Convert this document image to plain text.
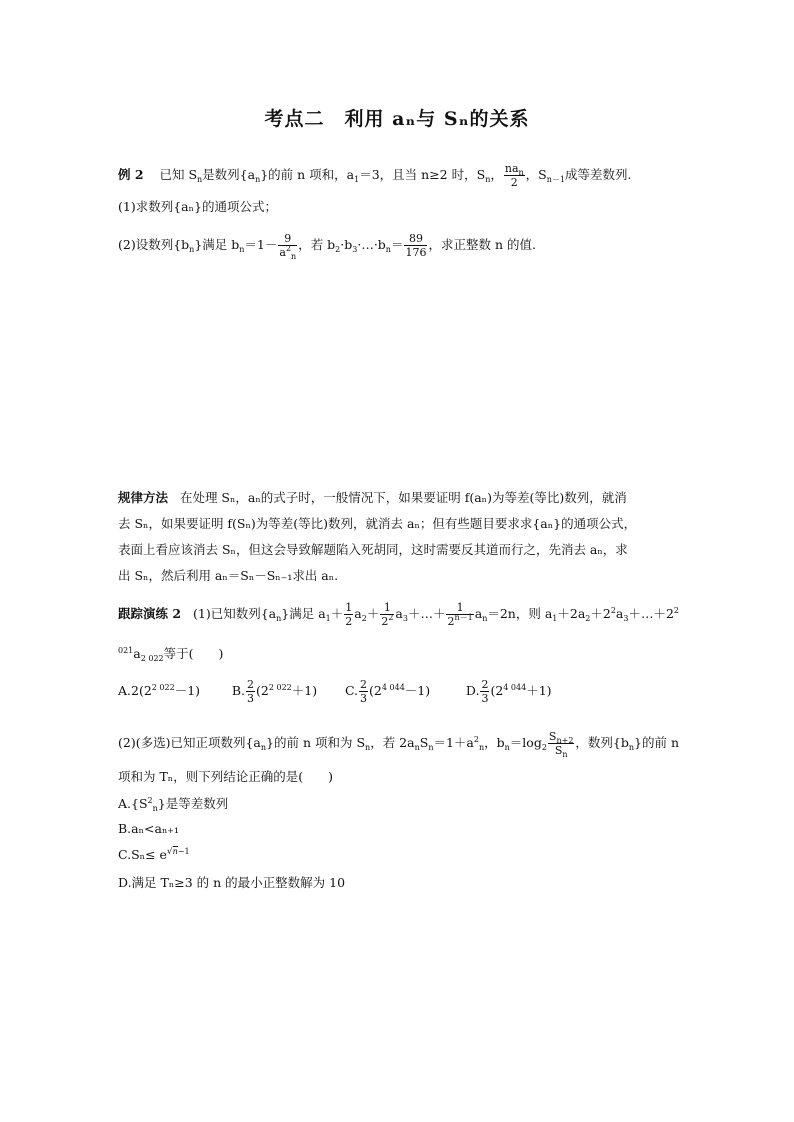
考点二　利用 aₙ与 Sₙ的关系
例 2 已知 $S_n$是数列$\{a_n\}$的前 n 项和，$a_1=3$，且当 n≥2 时，$S_n$， $\frac{na_n}{2}$ ，$S_{n-1}$成等差数列.
(1)求数列{aₙ}的通项公式；
(2)设数列$\{b_n\}$满足 $b_n=1- \frac{9}{a^2_n}$ ，若 $b_2\cdot b_3\cdot\dots\cdot b_n= \frac{89}{176}$ ，求正整数 n 的值.
规律方法 在处理 Sₙ，aₙ的式子时，一般情况下，如果要证明 f(aₙ)为等差(等比)数列，就消
去 Sₙ，如果要证明 f(Sₙ)为等差(等比)数列，就消去 aₙ；但有些题目要求求{aₙ}的通项公式，
表面上看应该消去 Sₙ，但这会导致解题陷入死胡同，这时需要反其道而行之，先消去 aₙ，求
出 Sₙ，然后利用 aₙ＝Sₙ－Sₙ₋₁求出 aₙ.
跟踪演练 2 (1)已知数列$\{a_n\}$满足 $a_1+ \frac{1}{2} a_2+ \frac{1}{2^2}$ $a_3+\dots+ \frac{1}{2^{n-1}} a_n=2n$，则 $a_1+2a_2+2^2a_3+\dots+2^2$
$^{021}a_{2 022}$等于(　　)
$A.2(2^{2 022}-1)$	B. $\frac{2}{3} (2^{2 022}+1)$ C. $\frac{2}{3} (2^{4 044}-1)$	D. $\frac{2}{3} (2^{4 044}+1)$
(2)(多选)已知正项数列$\{a_n\}$的前 n 项和为 $S_n$，若 $2a_nS_n=1+a^2_n$，$b_n=\log_2 \frac{S_{n+2}}{S_n}$ ，数列$\{b_n\}$的前 n
项和为 Tₙ，则下列结论正确的是(　　)
$A.\{S^2_n\}$是等差数列
B.aₙ<aₙ₊₁
$C.S_n\le e^{√n-1}$
D.满足 Tₙ≥3 的 n 的最小正整数解为 10
